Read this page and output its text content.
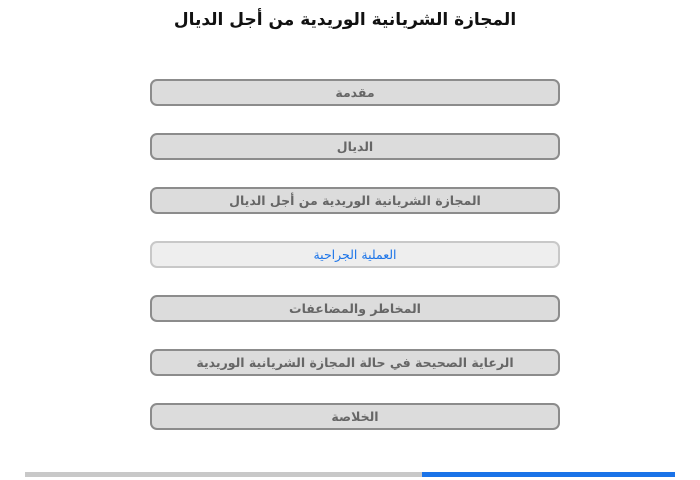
المجازة الشريانية الوريدية من أجل الديال
مقدمة
الديال
المجازة الشريانية الوريدية من أجل الديال
العملية الجراحية
المخاطر والمضاعفات
الرعاية الصحيحة في حالة المجازة الشريانية الوريدية
الخلاصة
